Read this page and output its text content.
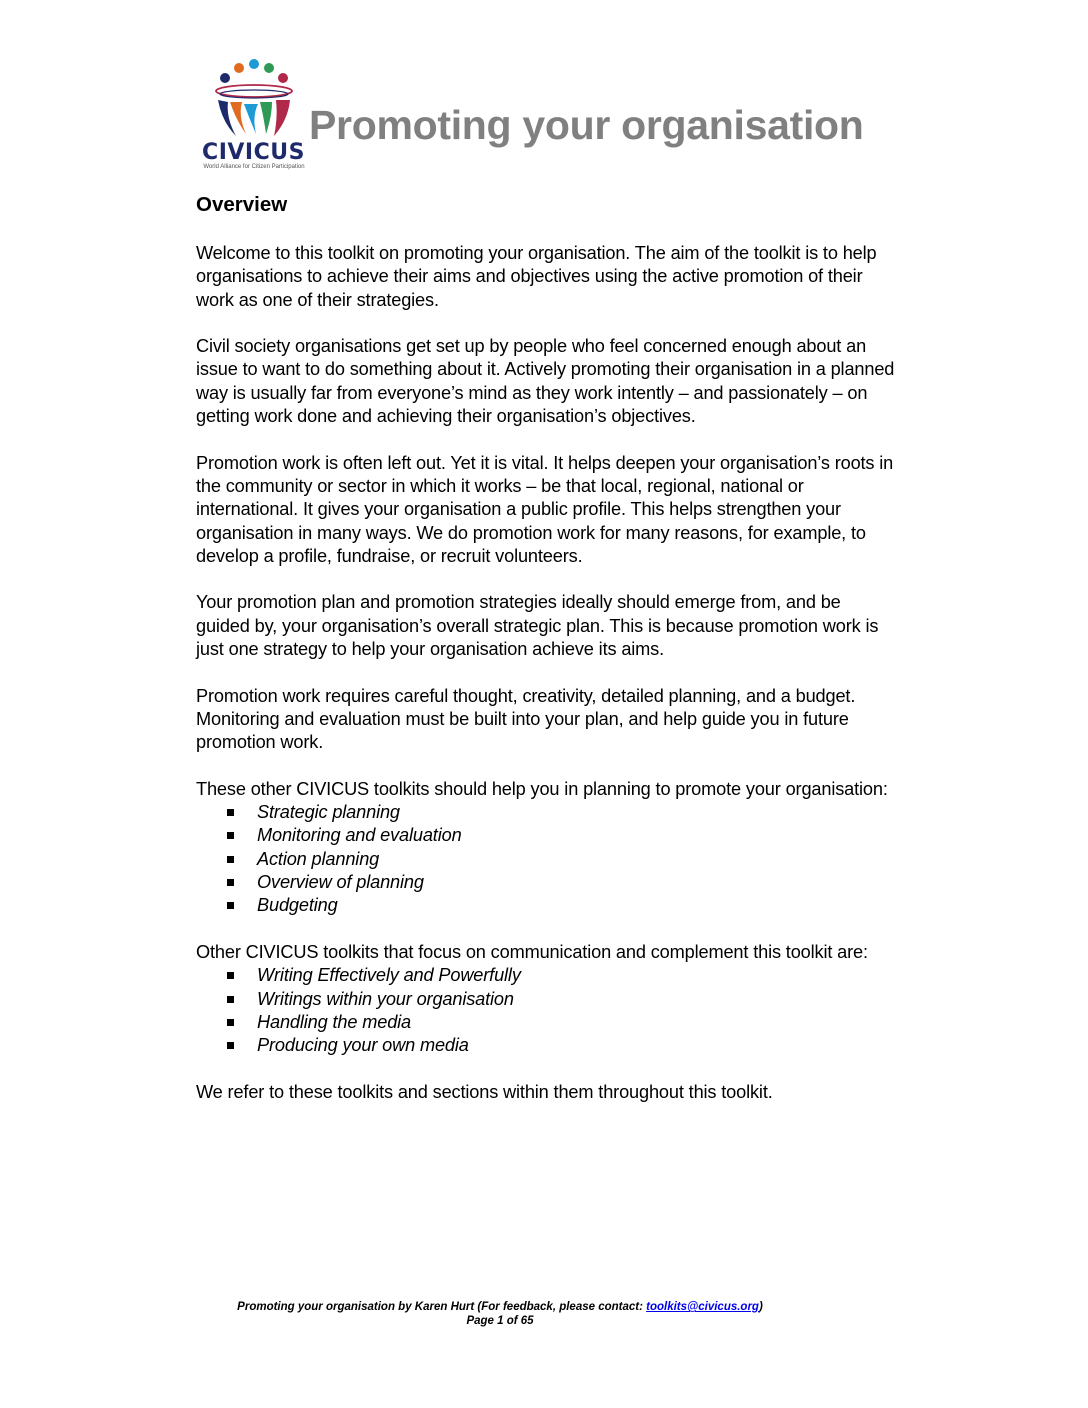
CIVICUS
World Alliance for Citizen Participation
Promoting your organisation
Overview

Welcome to this toolkit on promoting your organisation. The aim of the toolkit is to help organisations to achieve their aims and objectives using the active promotion of their work as one of their strategies.

Civil society organisations get set up by people who feel concerned enough about an issue to want to do something about it. Actively promoting their organisation in a planned way is usually far from everyone’s mind as they work intently – and passionately – on getting work done and achieving their organisation’s objectives.

Promotion work is often left out. Yet it is vital. It helps deepen your organisation’s roots in the community or sector in which it works – be that local, regional, national or international. It gives your organisation a public profile. This helps strengthen your organisation in many ways. We do promotion work for many reasons, for example, to develop a profile, fundraise, or recruit volunteers.

Your promotion plan and promotion strategies ideally should emerge from, and be guided by, your organisation’s overall strategic plan. This is because promotion work is just one strategy to help your organisation achieve its aims.

Promotion work requires careful thought, creativity, detailed planning, and a budget. Monitoring and evaluation must be built into your plan, and help guide you in future promotion work.

These other CIVICUS toolkits should help you in planning to promote your organisation:

Strategic planning
Monitoring and evaluation
Action planning
Overview of planning
Budgeting

Other CIVICUS toolkits that focus on communication and complement this toolkit are:

Writing Effectively and Powerfully
Writings within your organisation
Handling the media
Producing your own media

We refer to these toolkits and sections within them throughout this toolkit.

Promoting your organisation by Karen Hurt (For feedback, please contact: toolkits@civicus.org)
Page 1 of 65
